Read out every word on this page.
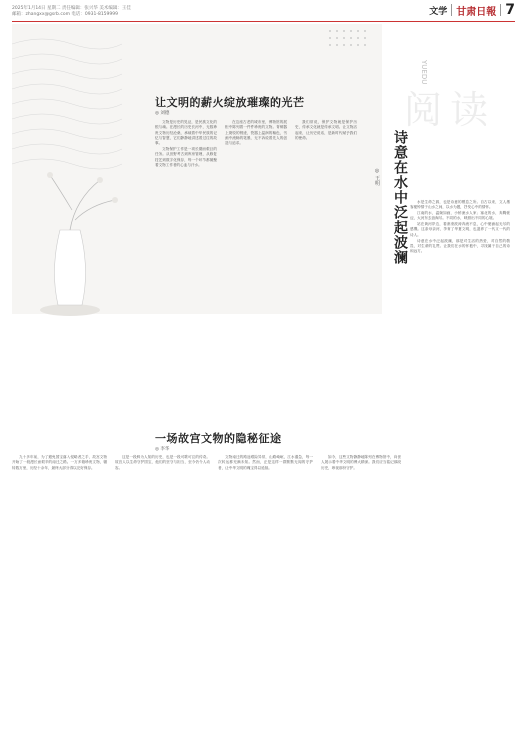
2025年1月14日 星期二 责任编辑：张兴华 美术编辑：王佳
邮箱：zhangxx@gsrb.com 电话：0931-8159999	文学 甘肃日報 7
阅 读
YUEDU
让文明的薪火绽放璀璨的光芒
◎ 刘德

文物是历史的见证，是民族文化的根与魂。在漫长的历史长河中，无数珍贵文物历经沧桑，承载着中华民族的记忆与智慧，它们静静地讲述着过往的故事。

文物保护工作是一项长期而艰巨的任务。从田野考古到库房管理，从修复技艺到数字化保存，每一个环节都凝聚着文物工作者的心血与汗水。

在这座古老的城市里，博物馆的展柜中陈列着一件件珍贵的文物。青铜器上斑驳的锈迹，瓷器上温润的釉色，书画中流畅的笔墨，无不诉说着先人的创造与追求。

我们常说，保护文物就是保护历史，传承文化就是传承文明。让文物活起来，让历史说话，是新时代赋予我们的使命。	诗意在水中泛起波澜
◎ 王明

水是生命之源，也是诗意的栖息之所。自古以来，文人墨客便钟情于山水之间，以水为题，抒发心中的情怀。

江南的水，温婉如画，小桥流水人家；塞北的水，奔腾豪迈，大河东去浪淘尽。不同的水，映照出不同的心境。

站在黄河岸边，看滚滚波涛奔流不息，心中便涌起无尽的感慨。这条母亲河，孕育了华夏文明，也滋养了一代又一代的诗人。

诗意在水中泛起波澜，那是对生活的热爱，对自然的敬畏，对生命的礼赞。让我们在水的怀抱中，寻找属于自己的诗和远方。

一场故宫文物的隐秘征途
◎ 李华

九十多年前，为了避免国宝落入侵略者之手，故宫文物开始了一段漫长而艰辛的南迁之路。一万多箱珍贵文物，辗转数万里，历经十余年，最终大部分得以完好保存。

这是一段鲜为人知的历史，也是一段可歌可泣的传奇。故宫人以生命守护国宝，他们的坚守与担当，至今仍令人动容。

文物南迁的路途艰险异常，山路崎岖，江水湍急，每一次转运都充满未知。然而，正是这样一群默默无闻的守护者，让中华文明的瑰宝得以延续。

如今，这些文物静静地陈列在博物馆中，向世人展示着中华文明的博大精深。我们应当铭记那段历史，珍视那份守护。
